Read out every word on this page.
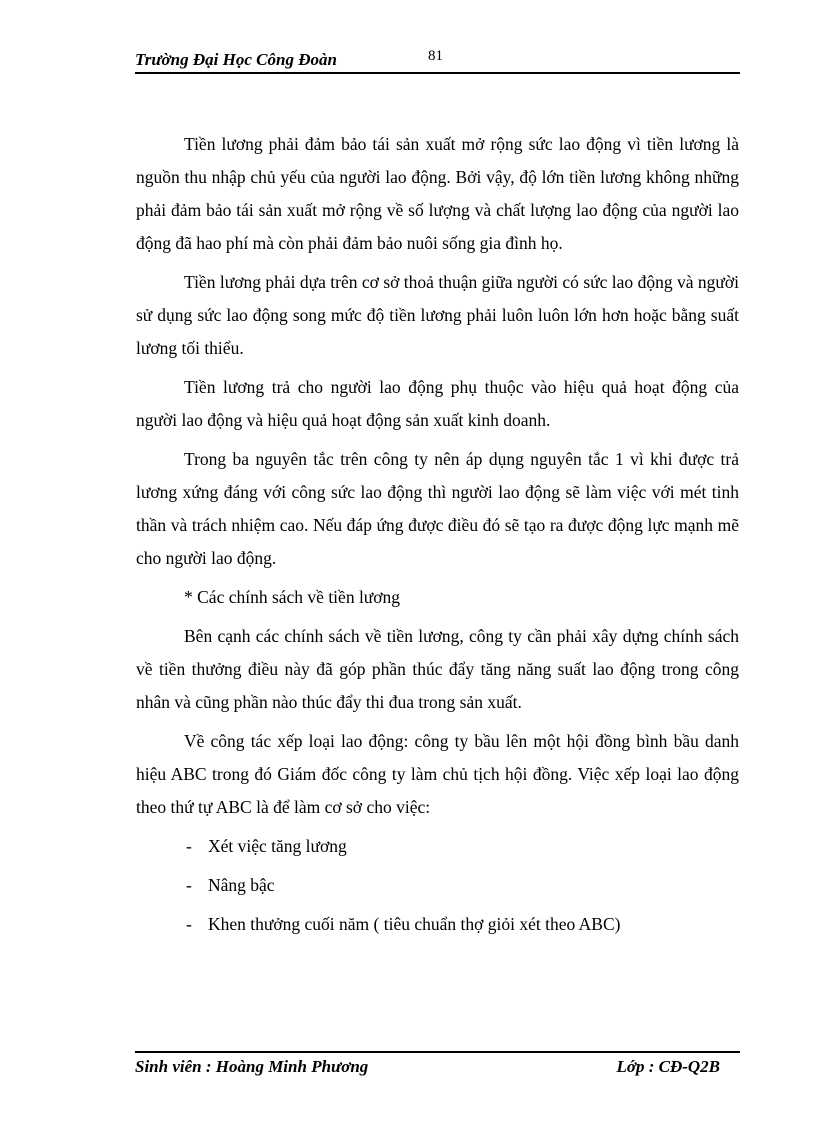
Trường Đại Học Công Đoàn	81

Tiền lương phải đảm bảo tái sản xuất mở rộng sức lao động vì tiền lương là nguồn thu nhập chủ yếu của người lao động. Bởi vậy, độ lớn tiền lương không những phải đảm bảo tái sản xuất mở rộng về số lượng và chất lượng lao động của người lao động đã hao phí mà còn phải đảm bảo nuôi sống gia đình họ.

Tiền lương phải dựa trên cơ sở thoả thuận giữa người có sức lao động và người sử dụng sức lao động song mức độ tiền lương phải luôn luôn lớn hơn hoặc bằng suất lương tối thiểu.

Tiền lương trả cho người lao động phụ thuộc vào hiệu quả hoạt động của người lao động và hiệu quả hoạt động sản xuất kinh doanh.

Trong ba nguyên tắc trên công ty nên áp dụng nguyên tắc 1 vì khi được trả lương xứng đáng với công sức lao động thì người lao động sẽ làm việc với mét tinh thần và trách nhiệm cao. Nếu đáp ứng được điều đó sẽ tạo ra được động lực mạnh mẽ cho người lao động.

* Các chính sách về tiền lương

Bên cạnh các chính sách về tiền lương, công ty cần phải xây dựng chính sách về tiền thưởng điều này đã góp phần thúc đẩy tăng năng suất lao động trong công nhân và cũng phần nào thúc đẩy thi đua trong sản xuất.

Về công tác xếp loại lao động: công ty bầu lên một hội đồng bình bầu danh hiệu ABC trong đó Giám đốc công ty làm chủ tịch hội đồng. Việc xếp loại lao động theo thứ tự ABC là để làm cơ sở cho việc:

- Xét việc tăng lương
- Nâng bậc
- Khen thưởng cuối năm ( tiêu chuẩn thợ giỏi xét theo ABC)
Sinh viên : Hoàng Minh Phương	Lớp : CĐ-Q2B
